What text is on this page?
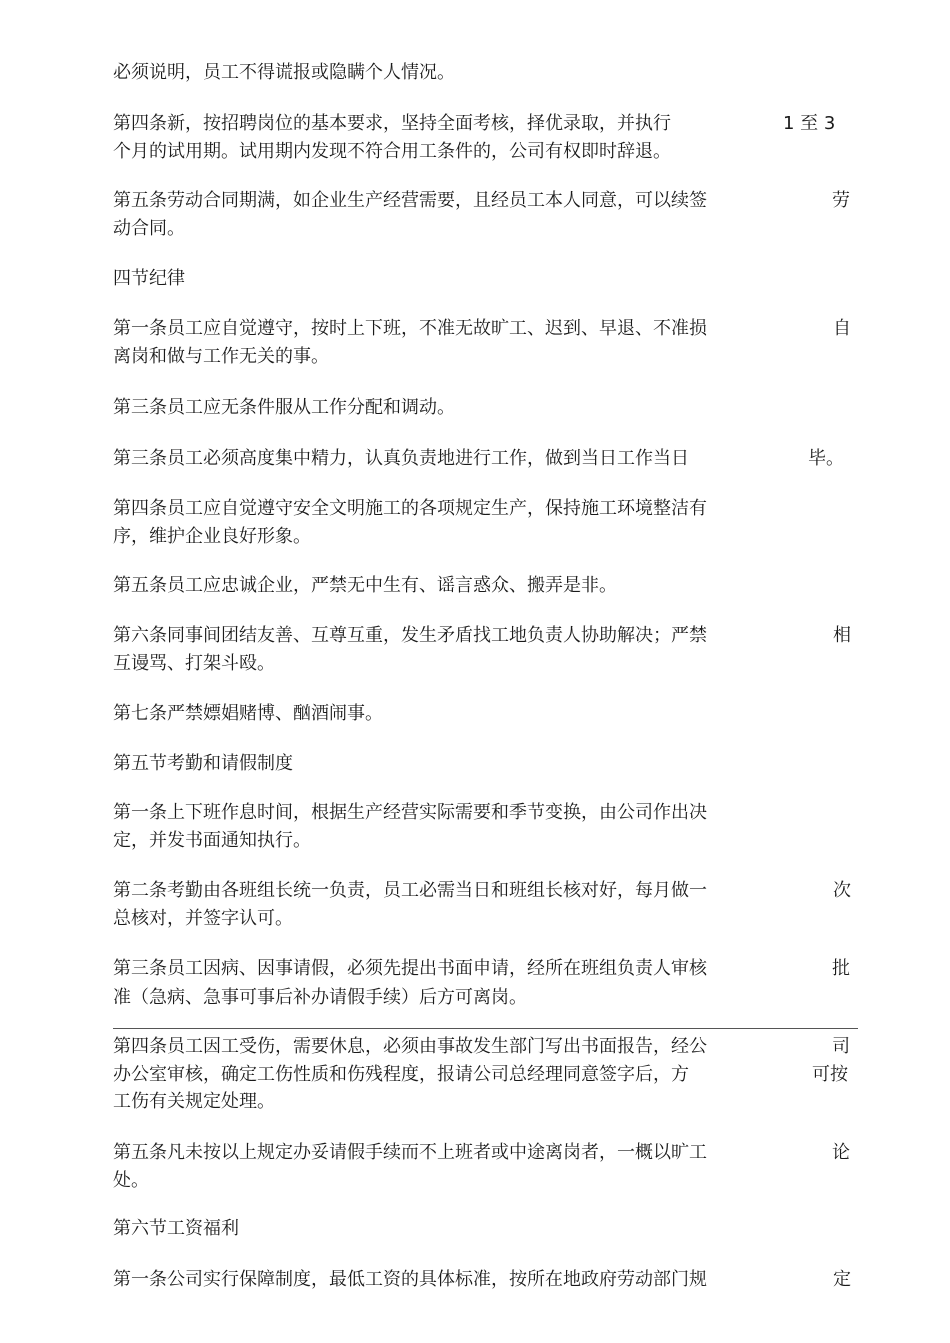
必须说明，员工不得谎报或隐瞒个人情况。
第四条新，按招聘岗位的基本要求，坚持全面考核，择优录取，并执行	1 至 3
个月的试用期。试用期内发现不符合用工条件的，公司有权即时辞退。
第五条劳动合同期满，如企业生产经营需要，且经员工本人同意，可以续签	劳
动合同。
四节纪律
第一条员工应自觉遵守，按时上下班，不准无故旷工、迟到、早退、不准损	自
离岗和做与工作无关的事。
第三条员工应无条件服从工作分配和调动。
第三条员工必须高度集中精力，认真负责地进行工作，做到当日工作当日	毕。
第四条员工应自觉遵守安全文明施工的各项规定生产，保持施工环境整洁有
序，维护企业良好形象。
第五条员工应忠诚企业，严禁无中生有、谣言惑众、搬弄是非。
第六条同事间团结友善、互尊互重，发生矛盾找工地负责人协助解决；严禁	相
互谩骂、打架斗殴。
第七条严禁嫖娼赌博、酗酒闹事。
第五节考勤和请假制度
第一条上下班作息时间，根据生产经营实际需要和季节变换，由公司作出决
定，并发书面通知执行。
第二条考勤由各班组长统一负责，员工必需当日和班组长核对好，每月做一	次
总核对，并签字认可。
第三条员工因病、因事请假，必须先提出书面申请，经所在班组负责人审核	批
准（急病、急事可事后补办请假手续）后方可离岗。
第四条员工因工受伤，需要休息，必须由事故发生部门写出书面报告，经公	司
办公室审核，确定工伤性质和伤残程度，报请公司总经理同意签字后，方	可按
工伤有关规定处理。
第五条凡未按以上规定办妥请假手续而不上班者或中途离岗者，一概以旷工	论
处。
第六节工资福利
第一条公司实行保障制度，最低工资的具体标准，按所在地政府劳动部门规	定
